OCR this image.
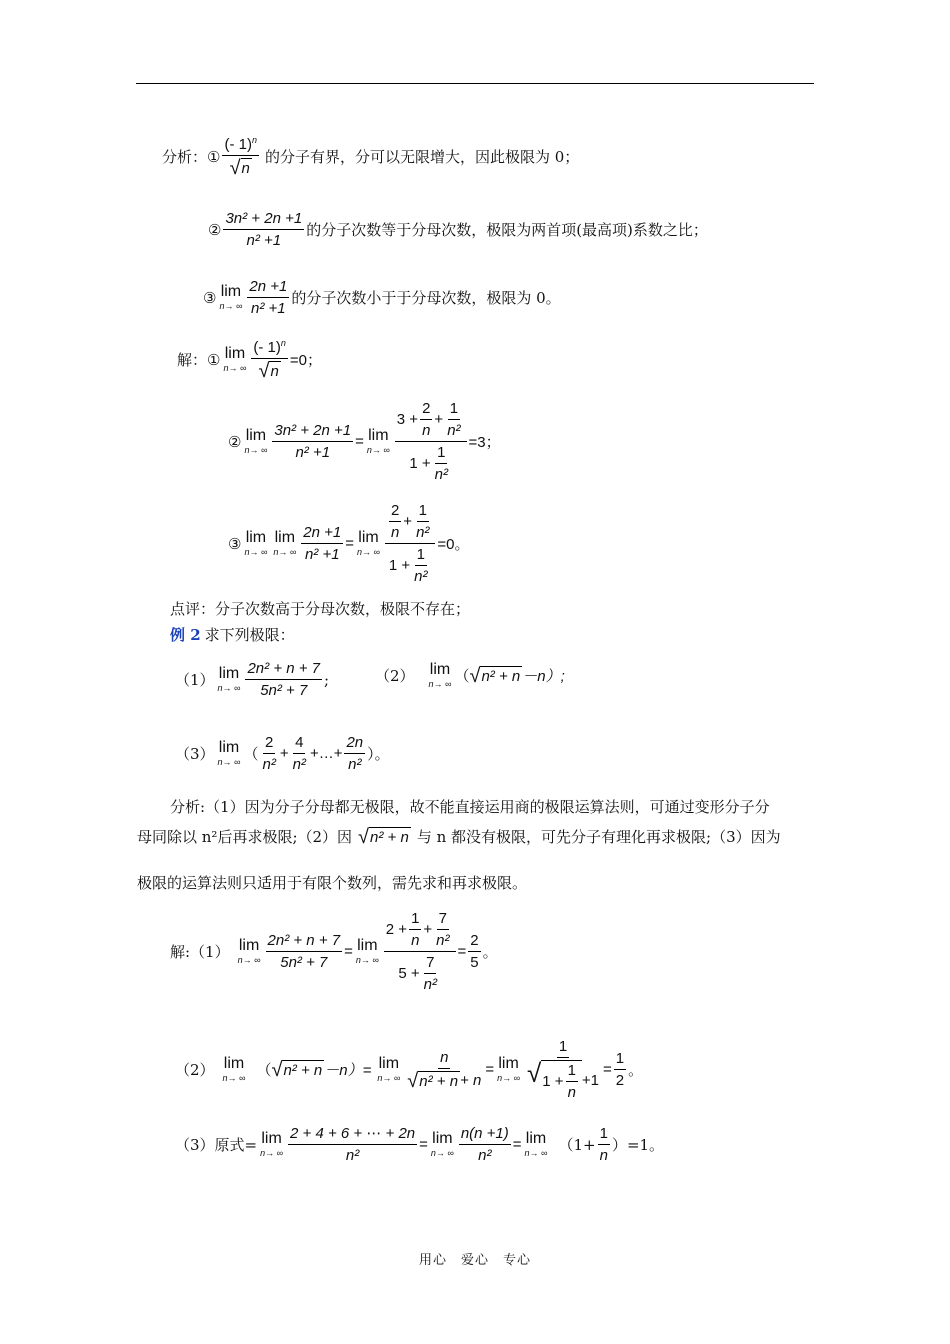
分析： ① $\frac{(- 1)^n}{√ n}$ 的分子有界，分可以无限增大，因此极限为 0；
② $\frac{\text{3n² + 2n +1}}{\text{n² +1}}$ 的分子次数等于分母次数，极限为两首项(最高项)系数之比；
③ lim
n→ ∞ $\frac{2n +1}{\text{n² +1}}$ 的分子次数小于于分母次数，极限为 0。
解： ① lim
n→ ∞ $\frac{(- 1)^n}{√ n} =0$；
② lim
n→ ∞ $\frac{\text{3n² + 2n +1}}{\text{n² +1}} = \lim$
n→ ∞ $\frac{3 + \frac{2}{n} + \frac{1}{\text{n²}}}{1 + \frac{1}{\text{n²}}} =3$；
③ lim
n→ ∞
lim
n→ ∞ $\frac{2n +1}{\text{n² +1}} = \lim$
n→ ∞ $\frac{\frac{2}{n} + \frac{1}{\text{n²}}}{1 + \frac{1}{\text{n²}}} =0$。
点评：分子次数高于分母次数，极限不存在；
例 2 求下列极限：
（1） lim
n→ ∞ $\frac{\text{2n² + n + 7}}{\text{5n² + 7}}$ ;	（2） lim
n→ ∞ （ √ n² + n －n）;
（3） lim
n→ ∞ （ $\frac{2}{\text{n²}} + \frac{4}{\text{n²}}$ +…+ $\frac{2n}{\text{n²}}$ ）。
分析:（1）因为分子分母都无极限，故不能直接运用商的极限运算法则，可通过变形分子分
母同除以 n²后再求极限;（2）因 √ n² + n 与 n 都没有极限，可先分子有理化再求极限;（3）因为
极限的运算法则只适用于有限个数列，需先求和再求极限。
解:（1） lim
n→ ∞ $\frac{\text{2n² + n + 7}}{\text{5n² + 7}} = \lim$
n→ ∞ $\frac{2 + \frac{1}{n} + \frac{7}{\text{n²}}}{5 + \frac{7}{\text{n²}}} = \frac{2}{5}$ 。
（2） lim
n→ ∞ （ √ n² + n －n）= lim
n→ ∞ $\frac{n}{\text{√ n² + n + n}} = \lim$
n→ ∞
1
√ $1 + \frac{1}{n} +1$
= $\frac{1}{2}$ 。
（3）原式= lim
n→ ∞ $\frac{2 + 4 + 6 + \cdots + 2n}{\text{n²}} = \lim$
n→ ∞ $\frac{n(n +1)}{\text{n²}} = \lim$
n→ ∞ $(1+ \frac{1}{n} )=1$。
用心　爱心　专心
